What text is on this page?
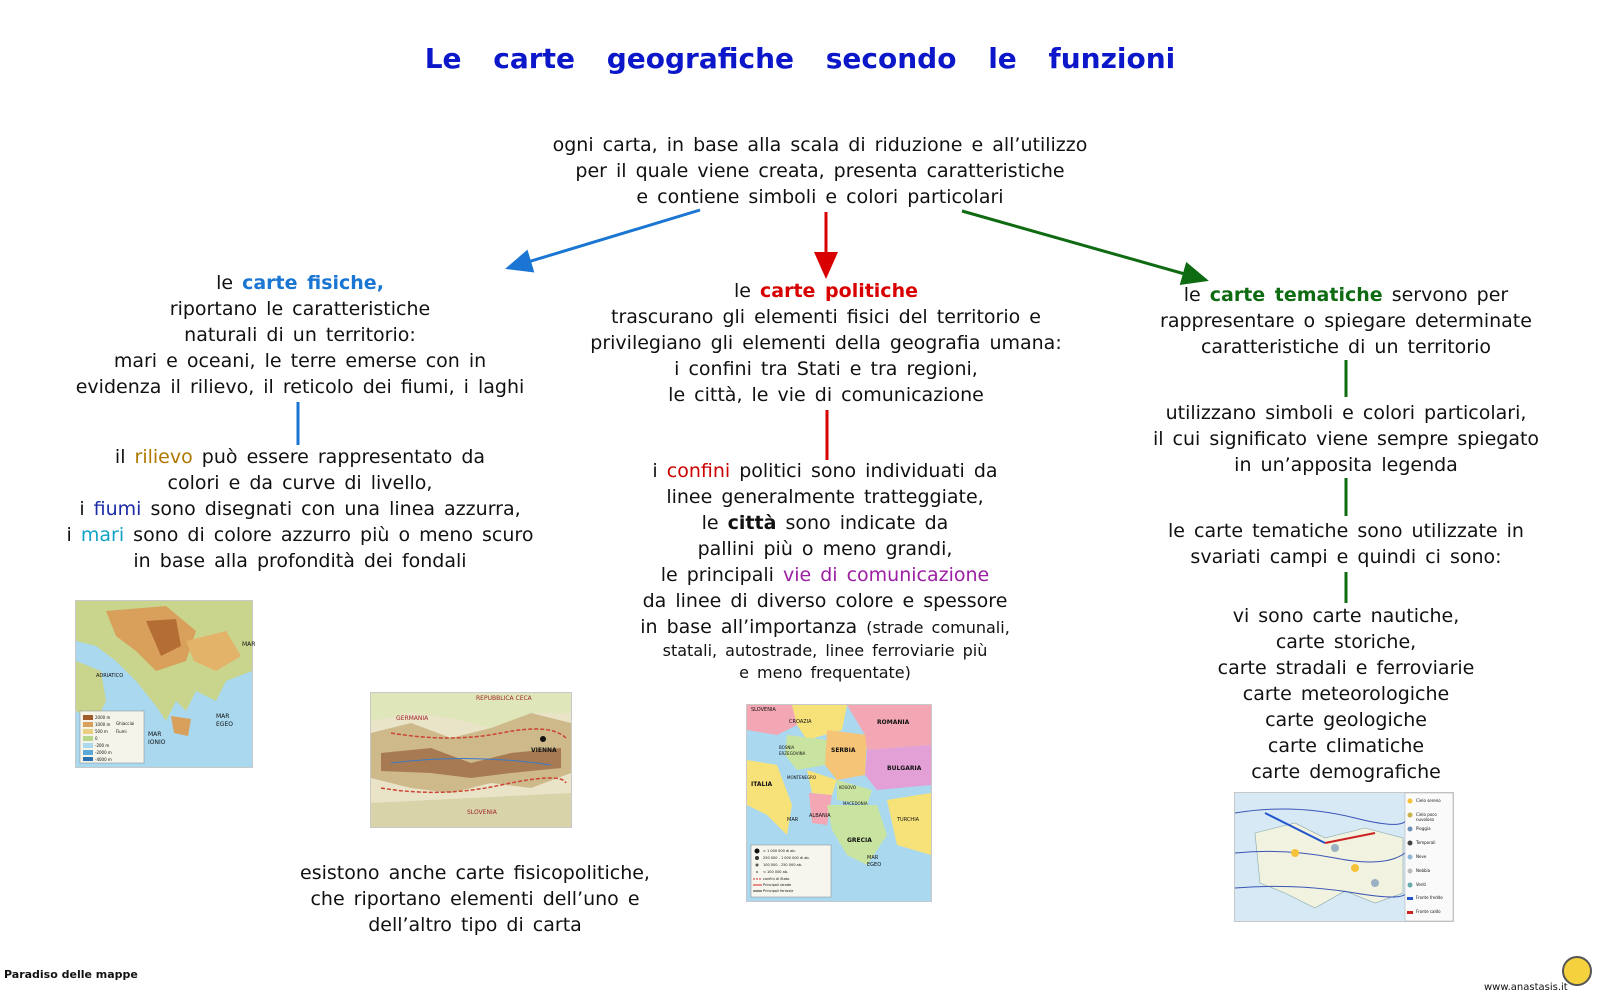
Le carte geografiche secondo le funzioni
ogni carta, in base alla scala di riduzione e all’utilizzo
per il quale viene creata, presenta caratteristiche
e contiene simboli e colori particolari
le carte fisiche,
riportano le caratteristiche
naturali di un territorio:
mari e oceani, le terre emerse con in
evidenza il rilievo, il reticolo dei fiumi, i laghi
il rilievo può essere rappresentato da
colori e da curve di livello,
i fiumi sono disegnati con una linea azzurra,
i mari sono di colore azzurro più o meno scuro
in base alla profondità dei fondali
le carte politiche
trascurano gli elementi fisici del territorio e
privilegiano gli elementi della geografia umana:
i confini tra Stati e tra regioni,
le città, le vie di comunicazione
i confini politici sono individuati da
linee generalmente tratteggiate,
le città sono indicate da
pallini più o meno grandi,
le principali vie di comunicazione
da linee di diverso colore e spessore
in base all’importanza (strade comunali,
statali, autostrade, linee ferroviarie più
e meno frequentate)
le carte tematiche servono per
rappresentare o spiegare determinate
caratteristiche di un territorio
utilizzano simboli e colori particolari,
il cui significato viene sempre spiegato
in un’apposita legenda
le carte tematiche sono utilizzate in
svariati campi e quindi ci sono:
vi sono carte nautiche,
carte storiche,
carte stradali e ferroviarie
carte meteorologiche
carte geologiche
carte climatiche
carte demografiche
esistono anche carte fisicopolitiche,
che riportano elementi dell’uno e
dell’altro tipo di carta
MAR
ADRIATICO
MAR
EGEO
MAR
IONIO
2000 m
1000 m
500 m
0
-200 m
-2000 m
-4000 m
Ghiacciai
Fiumi
REPUBBLICA CECA
GERMANIA
VIENNA
SLOVENIA
SLOVENIA
CROAZIA
BOSNIA ERZEGOVINA	SERBIA
ROMANIA
MONTENEGRO
BULGARIA
KOSOVO
MACEDONIA
ITALIA
ALBANIA
GRECIA
TURCHIA
MAR
MAR
EGEO
> 1 000 000 di ab.
250 000 - 1 000 000 di ab.
100 000 - 250 000 ab.
< 100 000 ab.
confini di Stato
Principali strade
Principali ferrovie
Cielo sereno
Cielo poco nuvoloso
Pioggia
Temporali
Neve
Nebbia
Venti
Fronte freddo
Fronte caldo
Paradiso delle mappe
www.anastasis.it
